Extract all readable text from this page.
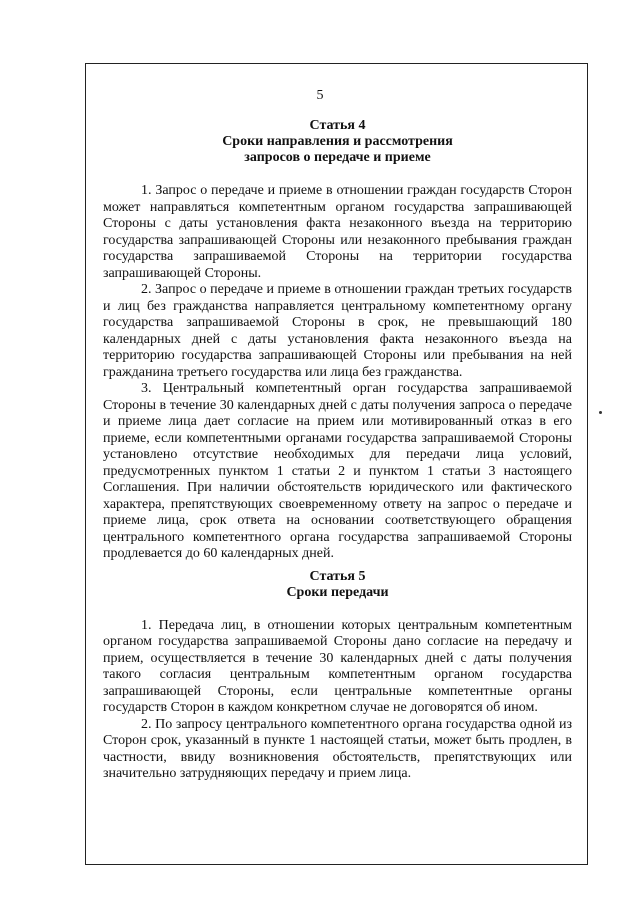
5
Статья 4
Сроки направления и рассмотрения
запросов о передаче и приеме

1. Запрос о передаче и приеме в отношении граждан государств Сторон может направляться компетентным органом государства запрашивающей Стороны с даты установления факта незаконного въезда на территорию государства запрашивающей Стороны или незаконного пребывания граждан государства запрашиваемой Стороны на территории государства запрашивающей Стороны.

2. Запрос о передаче и приеме в отношении граждан третьих государств и лиц без гражданства направляется центральному компетентному органу государства запрашиваемой Стороны в срок, не превышающий 180 календарных дней с даты установления факта незаконного въезда на территорию государства запрашивающей Стороны или пребывания на ней гражданина третьего государства или лица без гражданства.

3. Центральный компетентный орган государства запрашиваемой Стороны в течение 30 календарных дней с даты получения запроса о передаче и приеме лица дает согласие на прием или мотивированный отказ в его приеме, если компетентными органами государства запрашиваемой Стороны установлено отсутствие необходимых для передачи лица условий, предусмотренных пунктом 1 статьи 2 и пунктом 1 статьи 3 настоящего Соглашения. При наличии обстоятельств юридического или фактического характера, препятствующих своевременному ответу на запрос о передаче и приеме лица, срок ответа на основании соответствующего обращения центрального компетентного органа государства запрашиваемой Стороны продлевается до 60 календарных дней.

Статья 5
Сроки передачи

1. Передача лиц, в отношении которых центральным компетентным органом государства запрашиваемой Стороны дано согласие на передачу и прием, осуществляется в течение 30 календарных дней с даты получения такого согласия центральным компетентным органом государства запрашивающей Стороны, если центральные компетентные органы государств Сторон в каждом конкретном случае не договорятся об ином.

2. По запросу центрального компетентного органа государства одной из Сторон срок, указанный в пункте 1 настоящей статьи, может быть продлен, в частности, ввиду возникновения обстоятельств, препятствующих или значительно затрудняющих передачу и прием лица.
